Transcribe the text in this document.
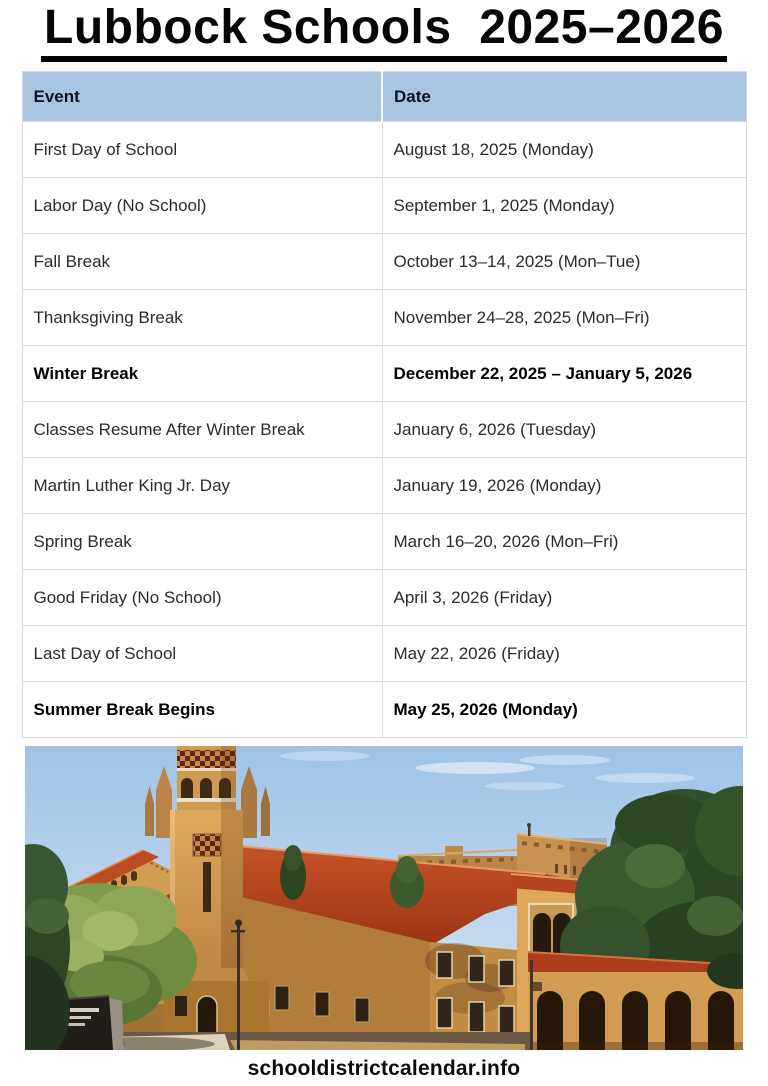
Lubbock Schools  2025–2026
Event	Date
First Day of School	August 18, 2025 (Monday)
Labor Day (No School)	September 1, 2025 (Monday)
Fall Break	October 13–14, 2025 (Mon–Tue)
Thanksgiving Break	November 24–28, 2025 (Mon–Fri)
Winter Break	December 22, 2025 – January 5, 2026
Classes Resume After Winter Break	January 6, 2026 (Tuesday)
Martin Luther King Jr. Day	January 19, 2026 (Monday)
Spring Break	March 16–20, 2026 (Mon–Fri)
Good Friday (No School)	April 3, 2026 (Friday)
Last Day of School	May 22, 2026 (Friday)
Summer Break Begins	May 25, 2026 (Monday)
schooldistrictcalendar.info
